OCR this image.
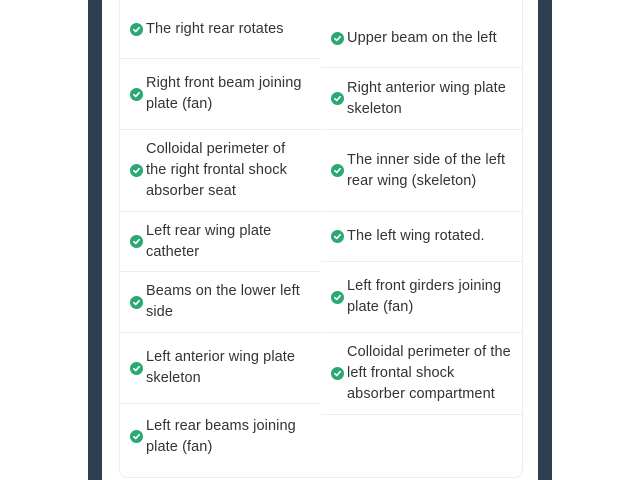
The right rear rotates
Right front beam joining plate (fan)
Colloidal perimeter of the right frontal shock absorber seat
Left rear wing plate catheter
Beams on the lower left side
Left anterior wing plate skeleton
Left rear beams joining plate (fan)
Upper beam on the left
Right anterior wing plate skeleton
The inner side of the left rear wing (skeleton)
The left wing rotated.
Left front girders joining plate (fan)
Colloidal perimeter of the left frontal shock absorber compartment
